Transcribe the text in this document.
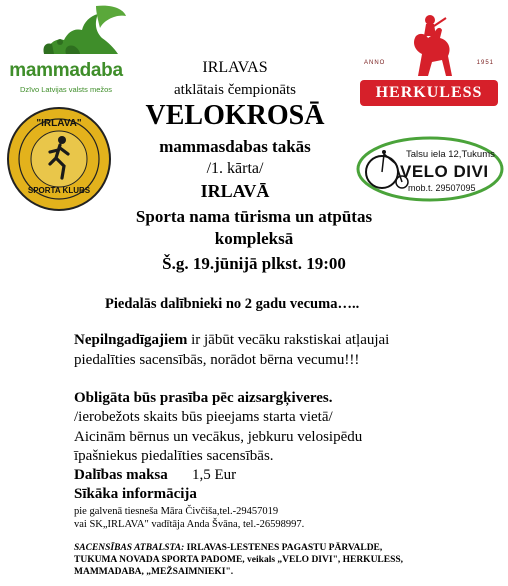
mammadaba
Dzīvo Latvijas valsts mežos
ANNO	1951
HERKULESS
"IRLAVA"
SPORTA KLUBS
Talsu iela 12,Tukums
VELO DIVI
mob.t. 29507095
IRLAVAS
atklātais čempionāts
VELOKROSĀ
mammasdabas takās
/1. kārta/
IRLAVĀ
Sporta nama tūrisma un atpūtas
kompleksā
Š.g. 19.jūnijā plkst. 19:00
Piedalās dalībnieki no 2 gadu vecuma…..
Nepilngadīgajiem ir jābūt vecāku rakstiskai atļaujai
piedalīties sacensībās, norādot bērna vecumu!!!
Obligāta būs prasība pēc aizsargķiveres.
/ierobežots skaits būs pieejams starta vietā/
Aicinām bērnus un vecākus, jebkuru velosipēdu
īpašniekus piedalīties sacensībās.
Dalības maksa 1,5 Eur
Sīkāka informācija
pie galvenā tiesneša Māra Čivčiša,tel.-29457019
vai SK„IRLAVA" vadītāja Anda Švāna, tel.-26598997.
SACENSĪBAS ATBALSTA: IRLAVAS-LESTENES PAGASTU PĀRVALDE,
TUKUMA NOVADA SPORTA PADOME, veikals „VELO DIVI", HERKULESS,
MAMMADABA, „MEŽSAIMNIEKI".
